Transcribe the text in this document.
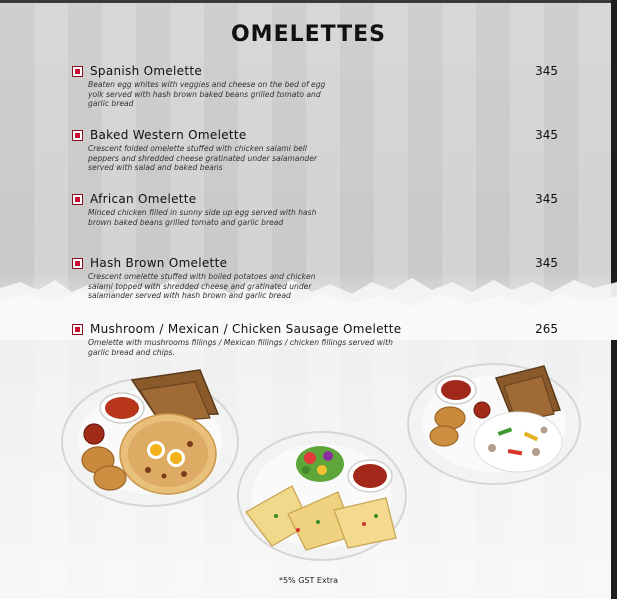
OMELETTES
Spanish Omelette	345
Beaten egg whites with veggies and cheese on the bed of egg yolk served with hash brown baked beans grilled tomato and garlic bread
Baked Western Omelette	345
Crescent folded omelette stuffed with chicken salami bell peppers and shredded cheese gratinated under salamander served with salad and baked beans
African Omelette	345
Minced chicken filled in sunny side up egg served with hash brown baked beans grilled tomato and garlic bread
Hash Brown Omelette	345
Crescent omelette stuffed with boiled potatoes and chicken salami topped with shredded cheese and gratinated under salamander served with hash brown and garlic bread
Mushroom / Mexican / Chicken Sausage Omelette	265
Omelette with mushrooms fillings / Mexican fillings / chicken fillings served with garlic bread and chips.
*5% GST Extra
